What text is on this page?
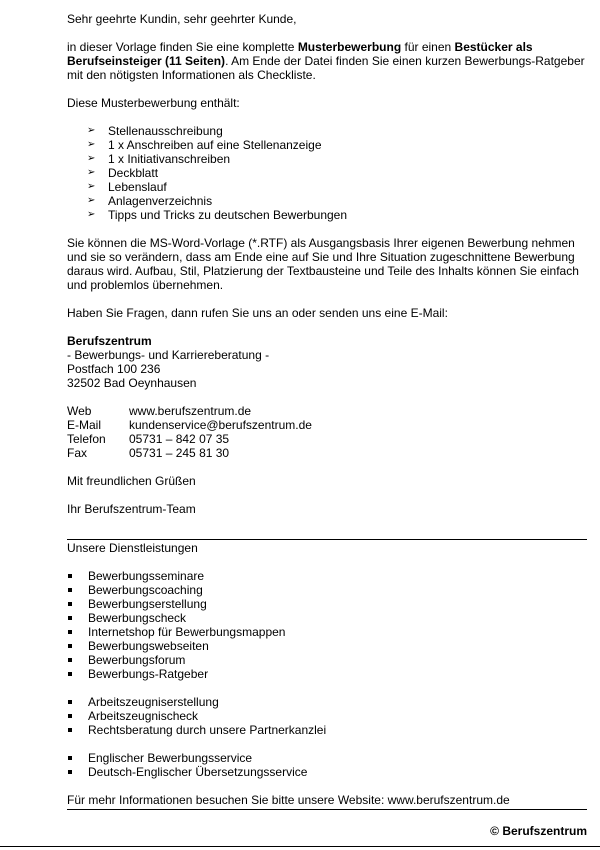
Sehr geehrte Kundin, sehr geehrter Kunde,

in dieser Vorlage finden Sie eine komplette Musterbewerbung für einen Bestücker als Berufseinsteiger (11 Seiten). Am Ende der Datei finden Sie einen kurzen Bewerbungs-Ratgeber mit den nötigsten Informationen als Checkliste.

Diese Musterbewerbung enthält:

➢ Stellenausschreibung
➢ 1 x Anschreiben auf eine Stellenanzeige
➢ 1 x Initiativanschreiben
➢ Deckblatt
➢ Lebenslauf
➢ Anlagenverzeichnis
➢ Tipps und Tricks zu deutschen Bewerbungen

Sie können die MS-Word-Vorlage (*.RTF) als Ausgangsbasis Ihrer eigenen Bewerbung nehmen und sie so verändern, dass am Ende eine auf Sie und Ihre Situation zugeschnittene Bewerbung daraus wird. Aufbau, Stil, Platzierung der Textbausteine und Teile des Inhalts können Sie einfach und problemlos übernehmen.

Haben Sie Fragen, dann rufen Sie uns an oder senden uns eine E-Mail:

Berufszentrum

- Bewerbungs- und Karriereberatung -

Postfach 100 236

32502 Bad Oeynhausen

Web	www.berufszentrum.de
E-Mail	kundenservice@berufszentrum.de
Telefon	05731 – 842 07 35
Fax	05731 – 245 81 30

Mit freundlichen Grüßen

Ihr Berufszentrum-Team

Unsere Dienstleistungen

Bewerbungsseminare
Bewerbungscoaching
Bewerbungserstellung
Bewerbungscheck
Internetshop für Bewerbungsmappen
Bewerbungswebseiten
Bewerbungsforum
Bewerbungs-Ratgeber
Arbeitszeugniserstellung
Arbeitszeugnischeck
Rechtsberatung durch unsere Partnerkanzlei
Englischer Bewerbungsservice
Deutsch-Englischer Übersetzungsservice

Für mehr Informationen besuchen Sie bitte unsere Website: www.berufszentrum.de

© Berufszentrum
